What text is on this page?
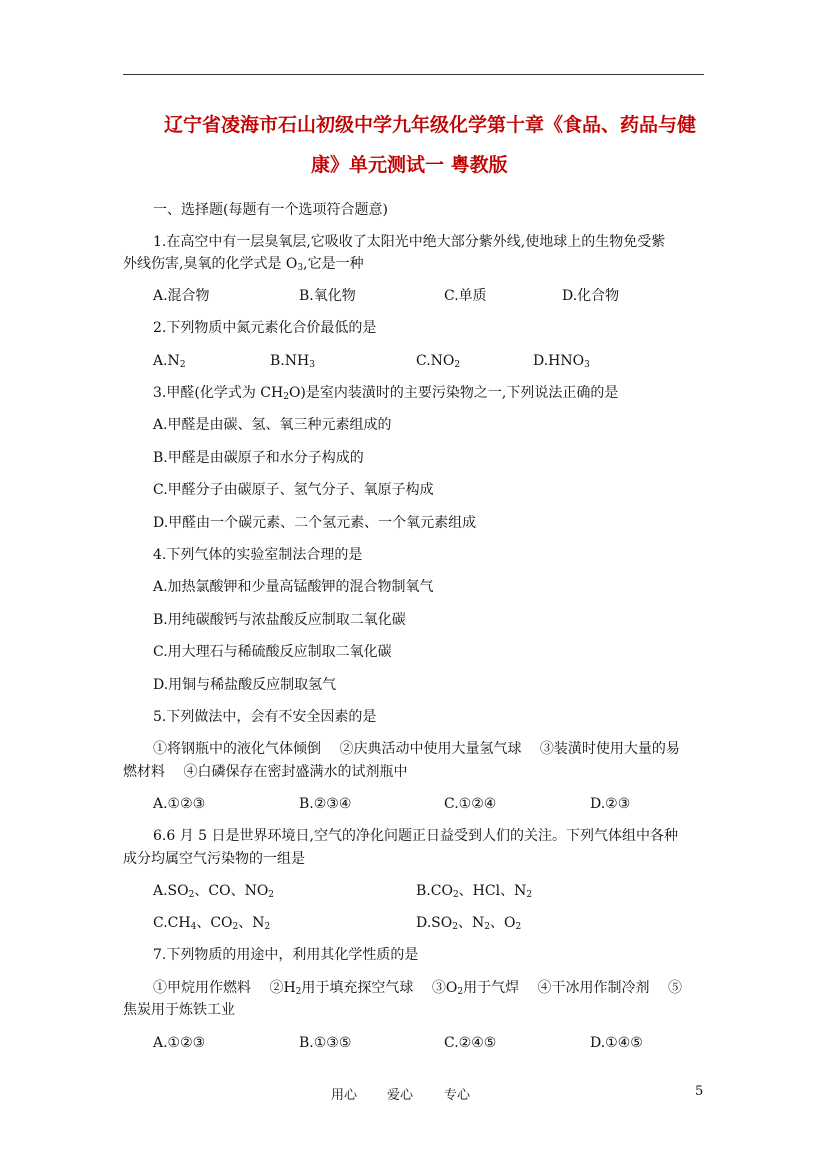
辽宁省凌海市石山初级中学九年级化学第十章《食品、药品与健
康》单元测试一 粤教版
一、选择题(每题有一个选项符合题意)
1.在高空中有一层臭氧层,它吸收了太阳光中绝大部分紫外线,使地球上的生物免受紫
外线伤害,臭氧的化学式是 $O_3$,它是一种
A.混合物	B.氧化物	C.单质	D.化合物
2.下列物质中氮元素化合价最低的是
$A.N_2$	$B.NH_3$	$C.NO_2$	$D.HNO_3$
3.甲醛(化学式为 $CH_2O$)是室内装潢时的主要污染物之一,下列说法正确的是
A.甲醛是由碳、氢、氧三种元素组成的
B.甲醛是由碳原子和水分子构成的
C.甲醛分子由碳原子、氢气分子、氧原子构成
D.甲醛由一个碳元素、二个氢元素、一个氧元素组成
4.下列气体的实验室制法合理的是
A.加热氯酸钾和少量高锰酸钾的混合物制氧气
B.用纯碳酸钙与浓盐酸反应制取二氧化碳
C.用大理石与稀硫酸反应制取二氧化碳
D.用铜与稀盐酸反应制取氢气
5.下列做法中，会有不安全因素的是
①将钢瓶中的液化气体倾倒　 ②庆典活动中使用大量氢气球　 ③装潢时使用大量的易
燃材料　 ④白磷保存在密封盛满水的试剂瓶中
A.①②③	B.②③④	C.①②④	D.②③
6.6 月 5 日是世界环境日,空气的净化问题正日益受到人们的关注。下列气体组中各种
成分均属空气污染物的一组是
$A.SO_2$、CO、$NO_2$	$B.CO_2$、HCl、$N_2$
$C.CH_4$、$CO_2$、$N_2$	$D.SO_2$、$N_2$、$O_2$
7.下列物质的用途中，利用其化学性质的是
①甲烷用作燃料　 $②H_2$用于填充探空气球　 $③O_2$用于气焊　 ④干冰用作制冷剂　 ⑤
焦炭用于炼铁工业
A.①②③	B.①③⑤	C.②④⑤	D.①④⑤
用心 爱心 专心	5
